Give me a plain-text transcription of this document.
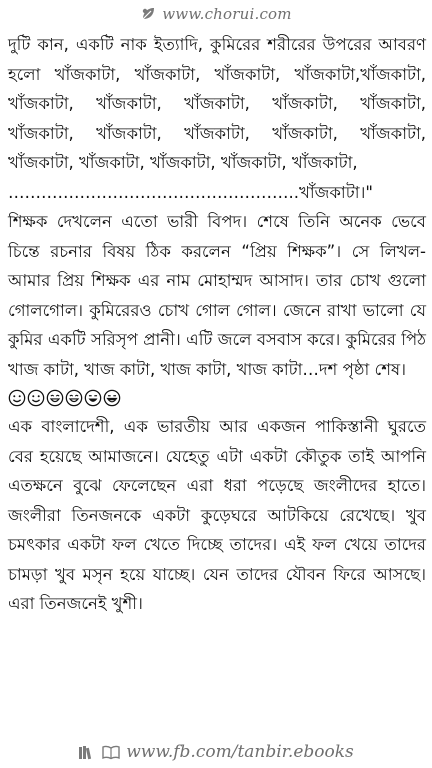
www.chorui.com

দুটি কান, একটি নাক ইত্যাদি, কুমিরের শরীরের উপরের আবরণ হলো খাঁজকাটা, খাঁজকাটা, খাঁজকাটা, খাঁজকাটা,খাঁজকাটা, খাঁজকাটা, খাঁজকাটা, খাঁজকাটা, খাঁজকাটা, খাঁজকাটা, খাঁজকাটা, খাঁজকাটা, খাঁজকাটা, খাঁজকাটা, খাঁজকাটা, খাঁজকাটা, খাঁজকাটা, খাঁজকাটা, খাঁজকাটা, খাঁজকাটা,

……………………………………………..খাঁজকাটা।"

শিক্ষক দেখলেন এতো ভারী বিপদ। শেষে তিনি অনেক ভেবে চিন্তে রচনার বিষয় ঠিক করলেন “প্রিয় শিক্ষক”। সে লিখল- আমার প্রিয় শিক্ষক এর নাম মোহাম্মদ আসাদ। তার চোখ গুলো গোলগোল। কুমিরেরও চোখ গোল গোল। জেনে রাখা ভালো যে কুমির একটি সরিসৃপ প্রানী। এটি জলে বসবাস করে। কুমিরের পিঠ খাজ কাটা, খাজ কাটা, খাজ কাটা, খাজ কাটা…দশ পৃষ্ঠা শেষ।

এক বাংলাদেশী, এক ভারতীয় আর একজন পাকিস্তানী ঘুরতে বের হয়েছে আমাজনে। যেহেতু এটা একটা কৌতুক তাই আপনি এতক্ষনে বুঝে ফেলেছেন এরা ধরা পড়েছে জংলীদের হাতে। জংলীরা তিনজনকে একটা কুড়েঘরে আটকিয়ে রেখেছে। খুব চমৎকার একটা ফল খেতে দিচ্ছে তাদের। এই ফল খেয়ে তাদের চামড়া খুব মসৃন হয়ে যাচ্ছে। যেন তাদের যৌবন ফিরে আসছে। এরা তিনজনেই খুশী।

www.fb.com/tanbir.ebooks
